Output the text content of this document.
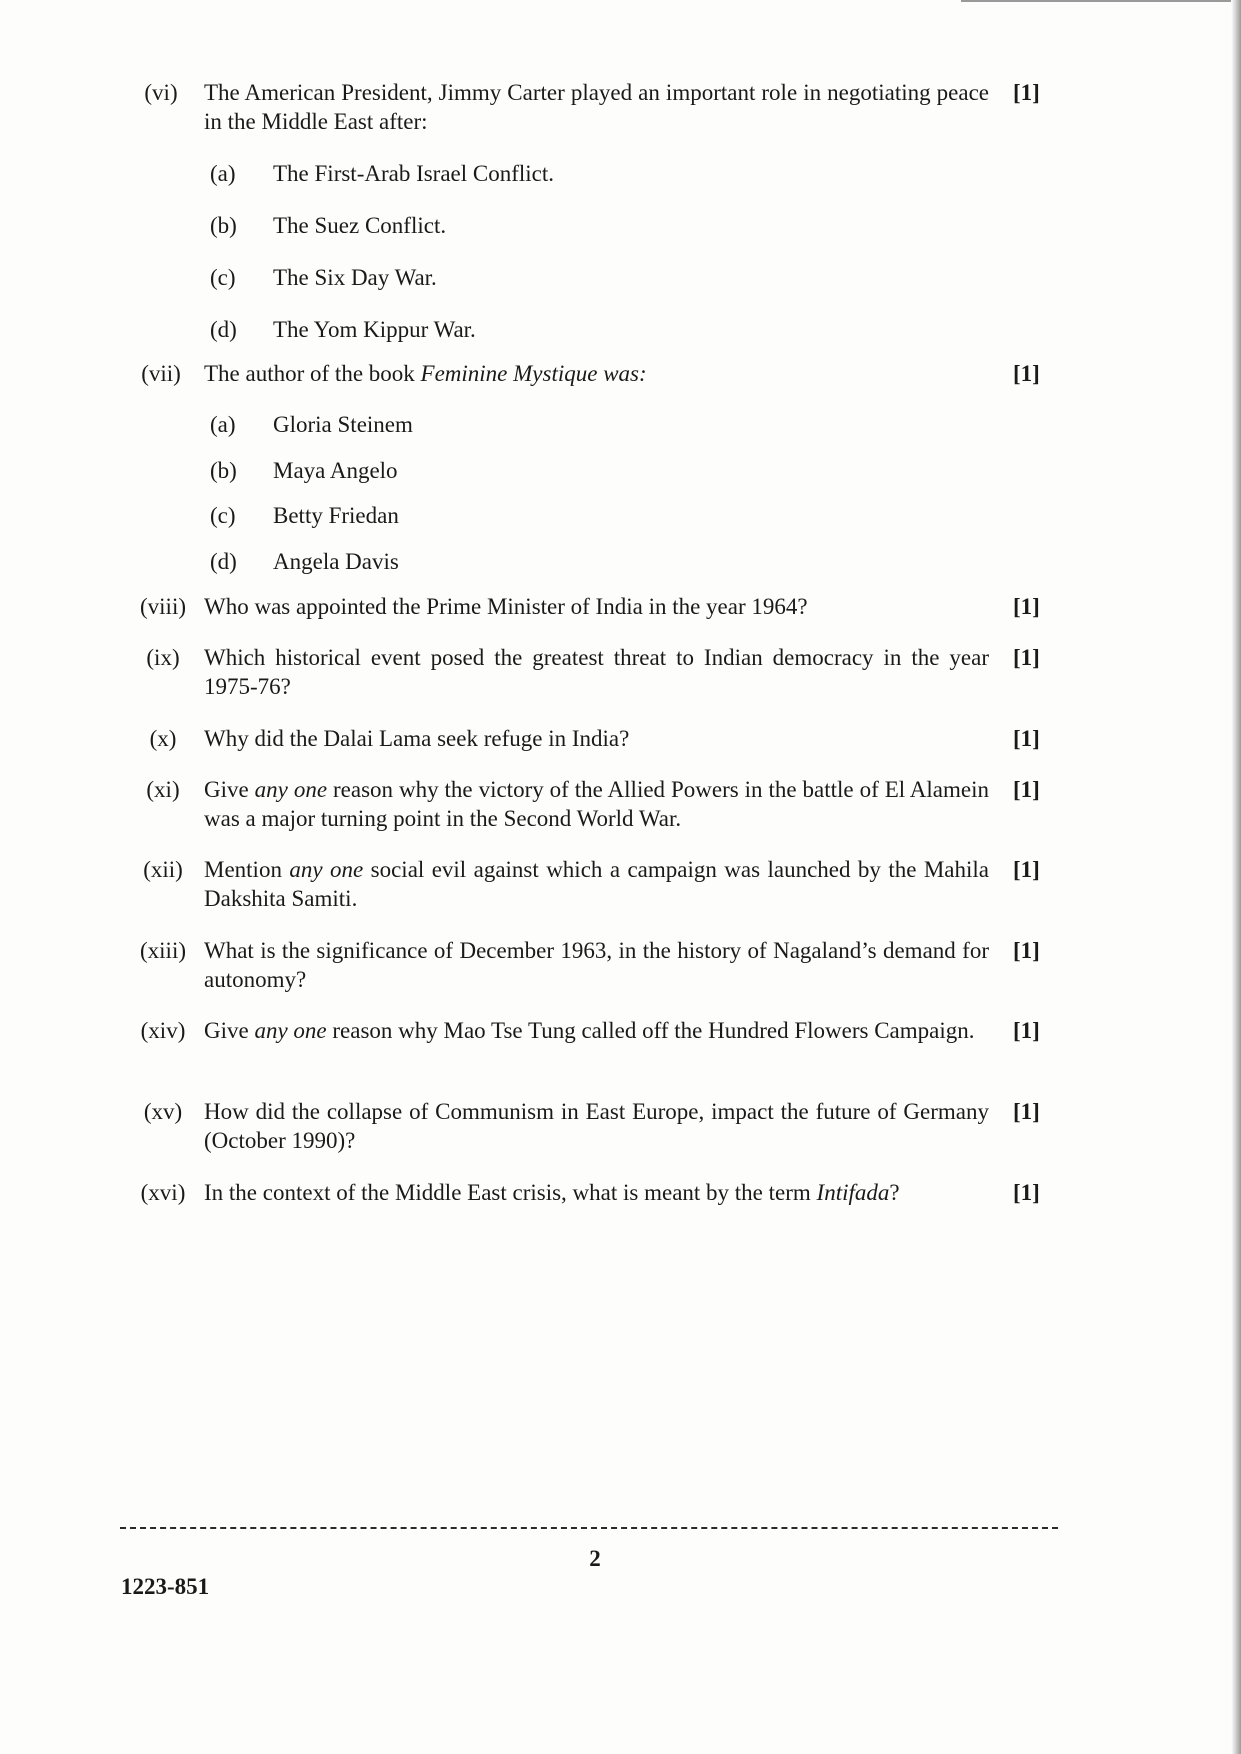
(vi)	The American President, Jimmy Carter played an important role in negotiating peace in the Middle East after:
[1]
(a) The First-Arab Israel Conflict.
(b) The Suez Conflict.
(c) The Six Day War.
(d) The Yom Kippur War.
(vii)	The author of the book Feminine Mystique was:	[1]
(a) Gloria Steinem
(b) Maya Angelo
(c) Betty Friedan
(d) Angela Davis
(viii) Who was appointed the Prime Minister of India in the year 1964?	[1]
(ix)	Which historical event posed the greatest threat to Indian democracy in the year 1975-76?
[1]
(x)	Why did the Dalai Lama seek refuge in India?	[1]
(xi)	Give any one reason why the victory of the Allied Powers in the battle of El Alamein was a major turning point in the Second World War.
[1]
(xii) Mention any one social evil against which a campaign was launched by the Mahila Dakshita Samiti.
[1]
(xiii) What is the significance of December 1963, in the history of Nagaland’s demand for autonomy?
[1]
(xiv) Give any one reason why Mao Tse Tung called off the Hundred Flowers Campaign.	[1]
(xv) How did the collapse of Communism in East Europe, impact the future of Germany (October 1990)?
[1]
(xvi) In the context of the Middle East crisis, what is meant by the term Intifada?	[1]
2
1223-851
